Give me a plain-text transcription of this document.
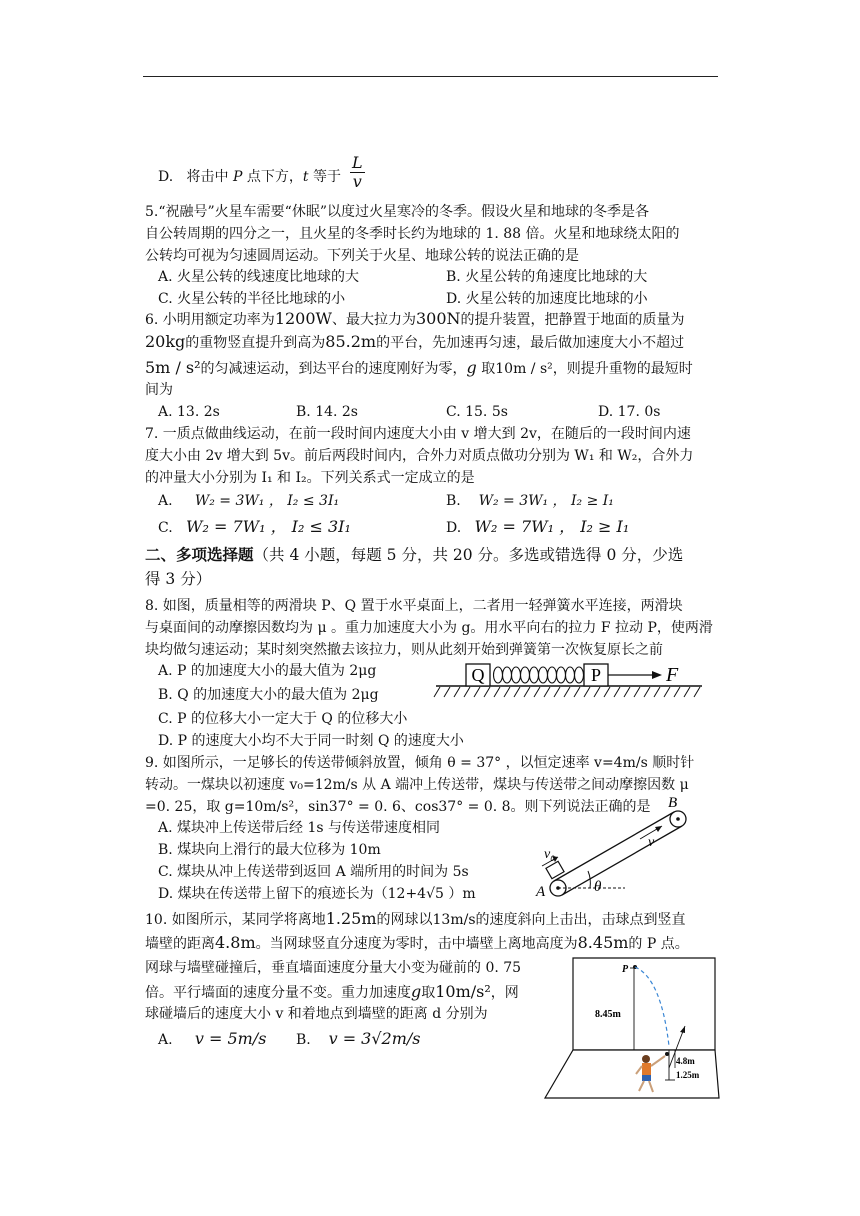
D. 将击中 P 点下方，t 等于 $\frac{L}{v}$
5.“祝融号”火星车需要“休眠”以度过火星寒冷的冬季。假设火星和地球的冬季是各
自公转周期的四分之一，且火星的冬季时长约为地球的 1. 88 倍。火星和地球绕太阳的
公转均可视为匀速圆周运动。下列关于火星、地球公转的说法正确的是
A. 火星公转的线速度比地球的大	B. 火星公转的角速度比地球的大
C. 火星公转的半径比地球的小	D. 火星公转的加速度比地球的小
6. 小明用额定功率为1200W、最大拉力为300N的提升装置，把静置于地面的质量为
20kg的重物竖直提升到高为85.2m的平台，先加速再匀速，最后做加速度大小不超过
5m / s²的匀减速运动，到达平台的速度刚好为零，g 取10m / s²，则提升重物的最短时
间为
A. 13. 2s	B. 14. 2s	C. 15. 5s	D. 17. 0s
7. 一质点做曲线运动，在前一段时间内速度大小由 v 增大到 2v，在随后的一段时间内速
度大小由 2v 增大到 5v。前后两段时间内，合外力对质点做功分别为 W₁ 和 W₂，合外力
的冲量大小分别为 I₁ 和 I₂。下列关系式一定成立的是
A. W₂ = 3W₁ ， I₂ ≤ 3I₁	B. W₂ = 3W₁ ， I₂ ≥ I₁
C. W₂ = 7W₁ ， I₂ ≤ 3I₁	D. W₂ = 7W₁ ， I₂ ≥ I₁
二、多项选择题（共 4 小题，每题 5 分，共 20 分。多选或错选得 0 分，少选
得 3 分）
8. 如图，质量相等的两滑块 P、Q 置于水平桌面上，二者用一轻弹簧水平连接，两滑块
与桌面间的动摩擦因数均为 μ 。重力加速度大小为 g。用水平向右的拉力 F 拉动 P，使两滑
块均做匀速运动；某时刻突然撤去该拉力，则从此刻开始到弹簧第一次恢复原长之前
A. P 的加速度大小的最大值为 2μg
B. Q 的加速度大小的最大值为 2μg
C. P 的位移大小一定大于 Q 的位移大小
D. P 的速度大小均不大于同一时刻 Q 的速度大小
Q	P	F
9. 如图所示，一足够长的传送带倾斜放置，倾角 θ = 37° ，以恒定速率 v=4m/s 顺时针
转动。一煤块以初速度 v₀=12m/s 从 A 端冲上传送带，煤块与传送带之间动摩擦因数 μ
=0. 25，取 g=10m/s²，sin37° = 0. 6、cos37° = 0. 8。则下列说法正确的是
A. 煤块冲上传送带后经 1s 与传送带速度相同
B. 煤块向上滑行的最大位移为 10m
C. 煤块从冲上传送带到返回 A 端所用的时间为 5s
D. 煤块在传送带上留下的痕迹长为（12+4√5 ）m	θ
v₀
A
B
v
10. 如图所示，某同学将离地1.25m的网球以13m/s的速度斜向上击出，击球点到竖直
墙壁的距离4.8m。当网球竖直分速度为零时，击中墙壁上离地高度为8.45m的 P 点。
网球与墙壁碰撞后，垂直墙面速度分量大小变为碰前的 0. 75
倍。平行墙面的速度分量不变。重力加速度g取10m/s²，网
球碰墙后的速度大小 v 和着地点到墙壁的距离 d 分别为
A. v = 5m/s B. v = 3√2m/s
P
8.45m
4.8m
1.25m
